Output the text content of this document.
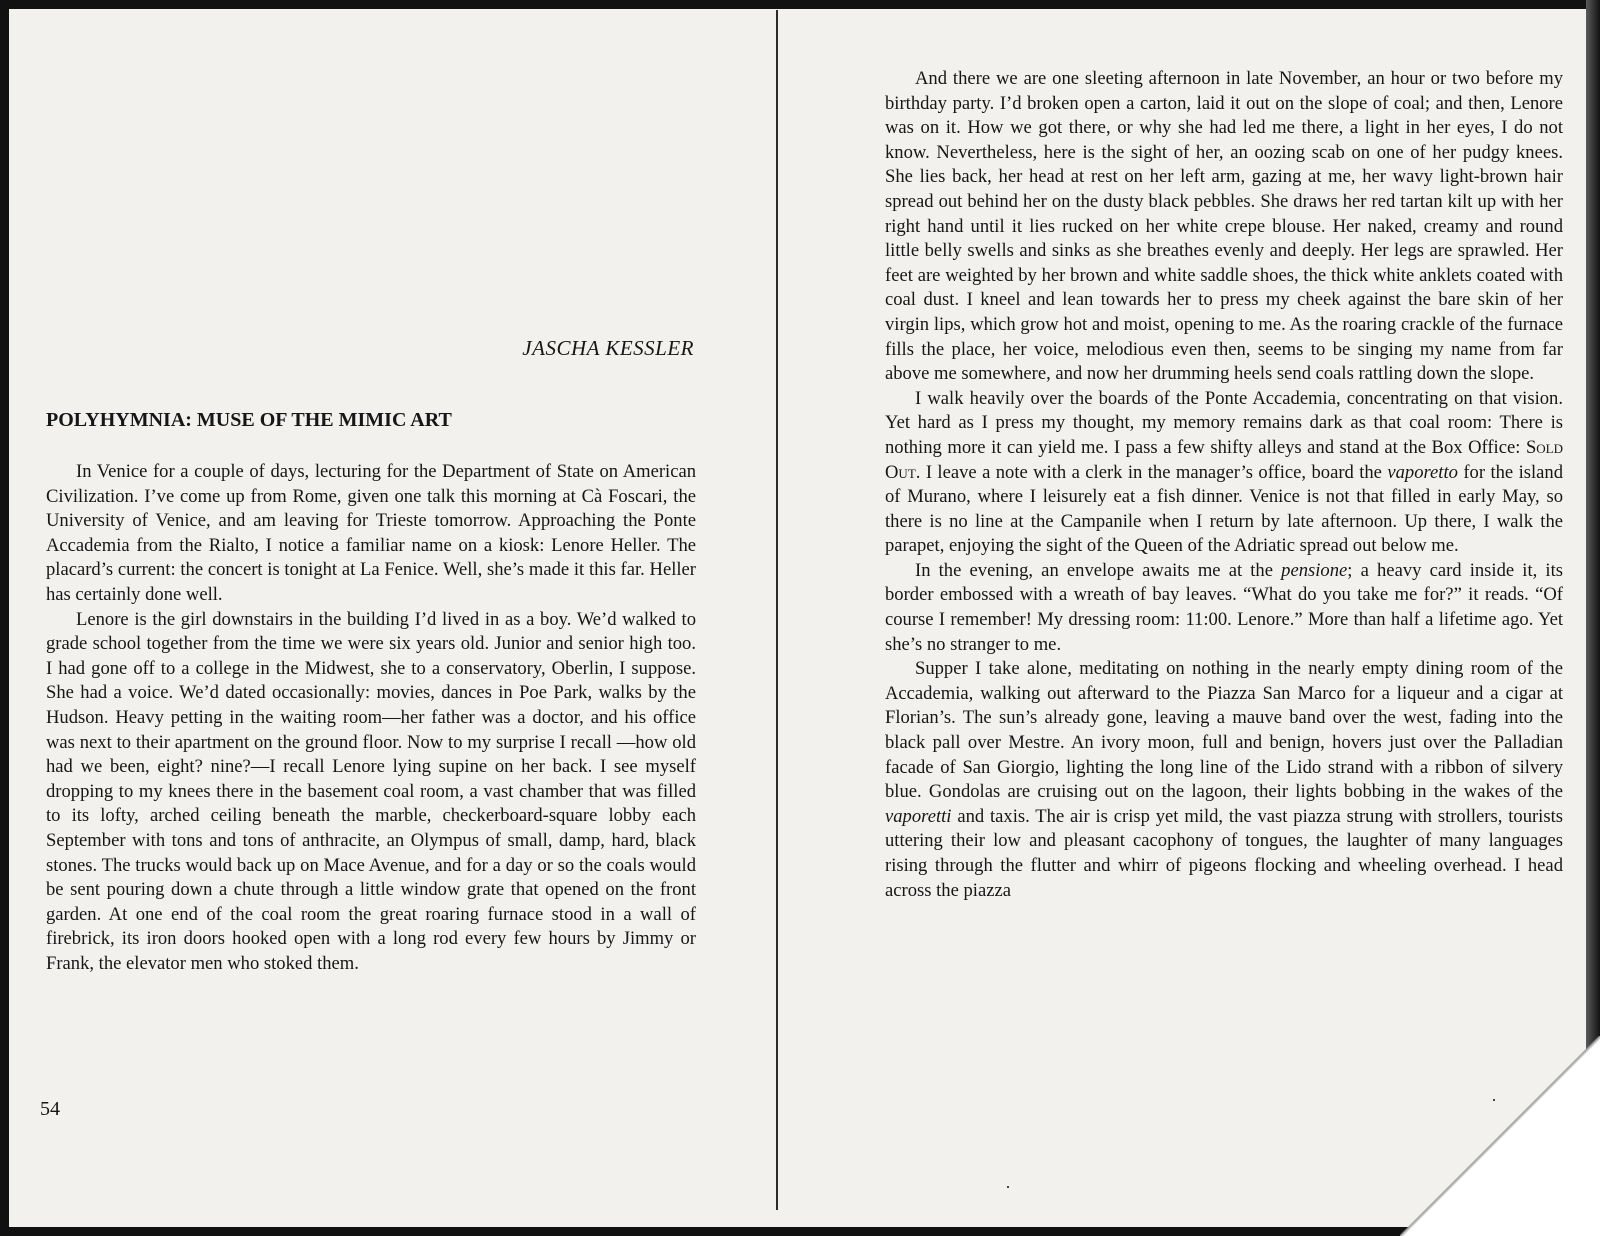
JASCHA KESSLER
POLYHYMNIA: MUSE OF THE MIMIC ART

In Venice for a couple of days, lecturing for the Department of State on American Civilization. I’ve come up from Rome, given one talk this morning at Cà Foscari, the University of Venice, and am leaving for Trieste tomorrow. Approaching the Ponte Accademia from the Rialto, I notice a familiar name on a kiosk: Lenore Heller. The placard’s current: the concert is tonight at La Fenice. Well, she’s made it this far. Heller has certainly done well.

Lenore is the girl downstairs in the building I’d lived in as a boy. We’d walked to grade school together from the time we were six years old. Junior and senior high too. I had gone off to a college in the Midwest, she to a conservatory, Oberlin, I suppose. She had a voice. We’d dated occasionally: movies, dances in Poe Park, walks by the Hudson. Heavy petting in the waiting room—her father was a doctor, and his office was next to their apartment on the ground floor. Now to my surprise I recall —how old had we been, eight? nine?—I recall Lenore lying supine on her back. I see myself dropping to my knees there in the basement coal room, a vast chamber that was filled to its lofty, arched ceiling beneath the marble, checkerboard-square lobby each September with tons and tons of anthracite, an Olympus of small, damp, hard, black stones. The trucks would back up on Mace Avenue, and for a day or so the coals would be sent pouring down a chute through a little window grate that opened on the front garden. At one end of the coal room the great roaring furnace stood in a wall of firebrick, its iron doors hooked open with a long rod every few hours by Jimmy or Frank, the elevator men who stoked them.

54

And there we are one sleeting afternoon in late November, an hour or two before my birthday party. I’d broken open a carton, laid it out on the slope of coal; and then, Lenore was on it. How we got there, or why she had led me there, a light in her eyes, I do not know. Nevertheless, here is the sight of her, an oozing scab on one of her pudgy knees. She lies back, her head at rest on her left arm, gazing at me, her wavy light-brown hair spread out behind her on the dusty black pebbles. She draws her red tartan kilt up with her right hand until it lies rucked on her white crepe blouse. Her naked, creamy and round little belly swells and sinks as she breathes evenly and deeply. Her legs are sprawled. Her feet are weighted by her brown and white saddle shoes, the thick white anklets coated with coal dust. I kneel and lean towards her to press my cheek against the bare skin of her virgin lips, which grow hot and moist, opening to me. As the roaring crackle of the furnace fills the place, her voice, melodious even then, seems to be singing my name from far above me somewhere, and now her drumming heels send coals rattling down the slope.

I walk heavily over the boards of the Ponte Accademia, concentrating on that vision. Yet hard as I press my thought, my memory remains dark as that coal room: There is nothing more it can yield me. I pass a few shifty alleys and stand at the Box Office: Sold Out. I leave a note with a clerk in the manager’s office, board the vaporetto for the island of Murano, where I leisurely eat a fish dinner. Venice is not that filled in early May, so there is no line at the Campanile when I return by late afternoon. Up there, I walk the parapet, enjoying the sight of the Queen of the Adriatic spread out below me.

In the evening, an envelope awaits me at the pensione; a heavy card inside it, its border embossed with a wreath of bay leaves. “What do you take me for?” it reads. “Of course I remember! My dressing room: 11:00. Lenore.” More than half a lifetime ago. Yet she’s no stranger to me.

Supper I take alone, meditating on nothing in the nearly empty dining room of the Accademia, walking out afterward to the Piazza San Marco for a liqueur and a cigar at Florian’s. The sun’s already gone, leaving a mauve band over the west, fading into the black pall over Mestre. An ivory moon, full and benign, hovers just over the Palladian facade of San Giorgio, lighting the long line of the Lido strand with a ribbon of silvery blue. Gondolas are cruising out on the lagoon, their lights bobbing in the wakes of the vaporetti and taxis. The air is crisp yet mild, the vast piazza strung with strollers, tourists uttering their low and pleasant cacophony of tongues, the laughter of many languages rising through the flutter and whirr of pigeons flocking and wheeling overhead. I head across the piazza
